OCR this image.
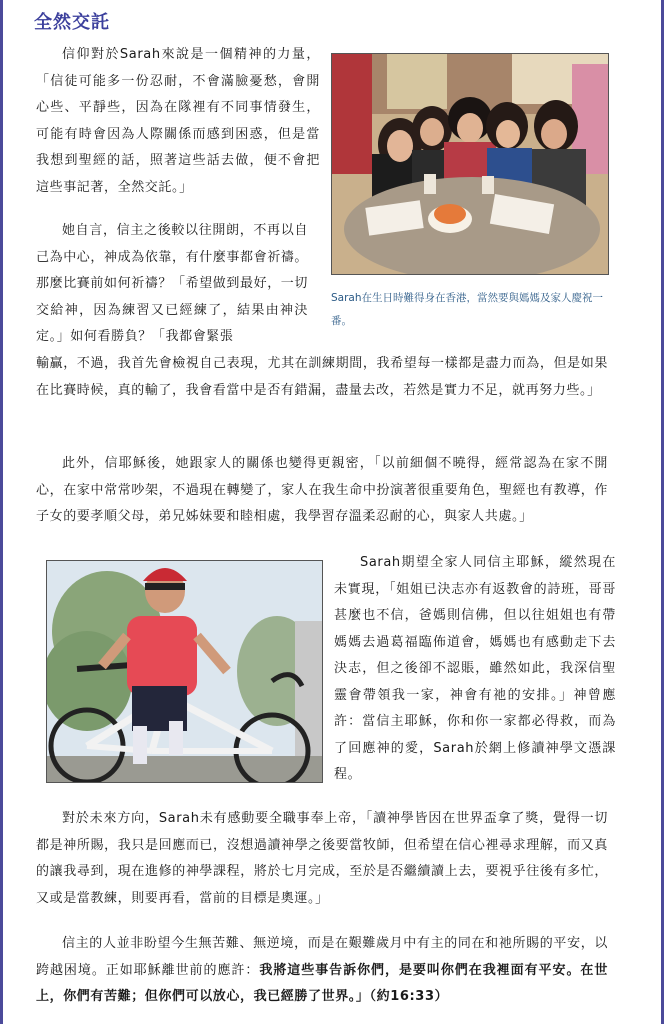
全然交託

信仰對於Sarah來說是一個精神的力量，「信徒可能多一份忍耐，不會滿臉憂愁，會開心些、平靜些，因為在隊裡有不同事情發生，可能有時會因為人際關係而感到困惑，但是當我想到聖經的話，照著這些話去做，便不會把這些事記著，全然交託。」

她自言，信主之後較以往開朗，不再以自己為中心，神成為依靠，有什麼事都會祈禱。那麼比賽前如何祈禱？「希望做到最好，一切交給神，因為練習又已經練了，結果由神決定。」如何看勝負？「我都會緊張

輸贏，不過，我首先會檢視自己表現，尤其在訓練期間，我希望每一樣都是盡力而為，但是如果在比賽時候，真的輸了，我會看當中是否有錯漏，盡量去改，若然是實力不足，就再努力些。」

Sarah在生日時難得身在香港，當然要與媽媽及家人慶祝一番。

此外，信耶穌後，她跟家人的關係也變得更親密，「以前細個不曉得，經常認為在家不開心，在家中常常吵架，不過現在轉變了，家人在我生命中扮演著很重要角色，聖經也有教導，作子女的要孝順父母，弟兄姊妹要和睦相處，我學習存溫柔忍耐的心，與家人共處。」

Sarah期望全家人同信主耶穌，縱然現在未實現，「姐姐已決志亦有返教會的詩班，哥哥甚麼也不信，爸媽則信佛，但以往姐姐也有帶媽媽去過葛福臨佈道會，媽媽也有感動走下去決志，但之後卻不認賬，雖然如此，我深信聖靈會帶領我一家，神會有祂的安排。」神曾應許：當信主耶穌，你和你一家都必得救，而為了回應神的愛，Sarah於網上修讀神學文憑課程。

對於未來方向，Sarah未有感動要全職事奉上帝，「讀神學皆因在世界盃拿了獎，覺得一切都是神所賜，我只是回應而已，沒想過讀神學之後要當牧師，但希望在信心裡尋求理解，而又真的讓我尋到，現在進修的神學課程，將於七月完成，至於是否繼續讀上去，要視乎往後有多忙，又或是當教練，則要再看，當前的目標是奧運。」

信主的人並非盼望今生無苦難、無逆境，而是在艱難歲月中有主的同在和祂所賜的平安，以跨越困境。正如耶穌離世前的應許：我將這些事告訴你們，是要叫你們在我裡面有平安。在世上，你們有苦難；但你們可以放心，我已經勝了世界。」（約16:33）
